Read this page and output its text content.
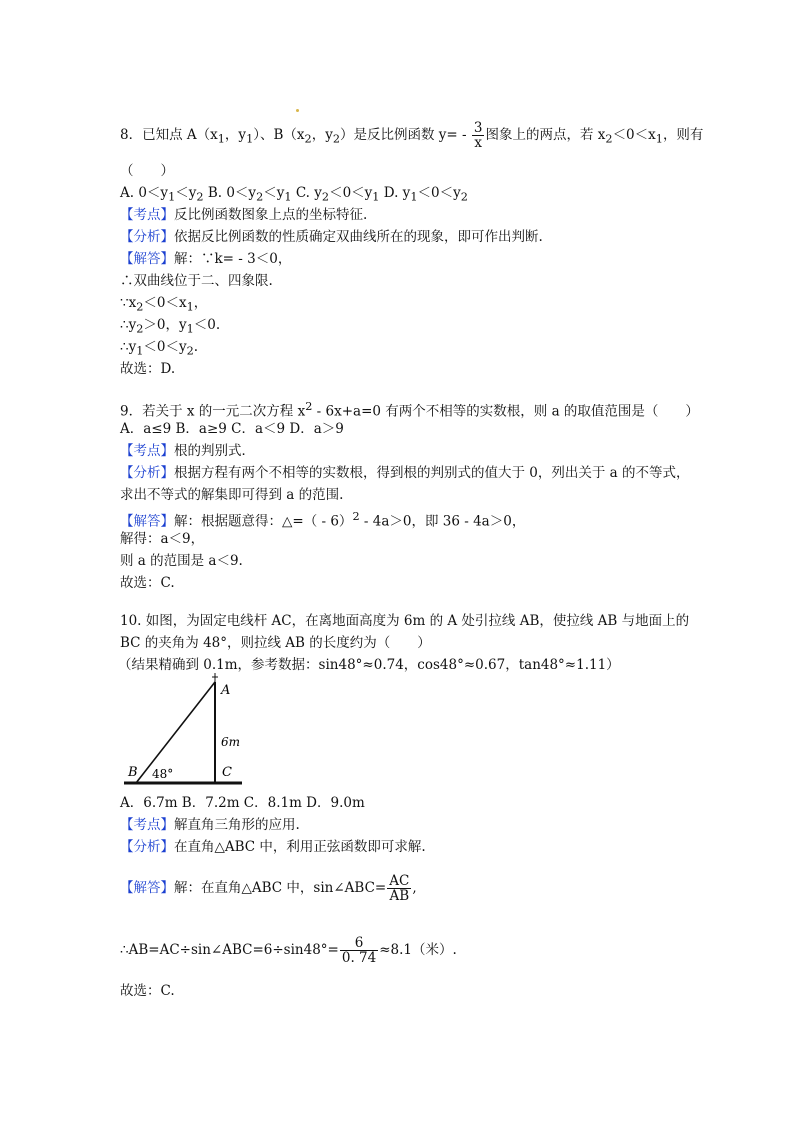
8．已知点 $A(x_1$，$y_1$）、$B(x_2$，$y_2$）是反比例函数 $y= - \frac{3}{x}$ 图象上的两点，若 $x_2<0<x_1$，则有
（　　）
A. $0<y_1<y_2$ B. $0<y_2<y_1$ C. $y_2<0<y_1$ D. $y_1<0<y_2$
【考点】反比例函数图象上点的坐标特征.
【分析】依据反比例函数的性质确定双曲线所在的现象，即可作出判断.
【解答】解：∵k= - 3＜0，
∴双曲线位于二、四象限.
$\because x_2<0<x_1$，
$\therefore y_2>0$，$y_1<0$.
$\therefore y_1<0<y_2$.
故选：D.
9．若关于 x 的一元二次方程 $x^2 - 6x+a=0$ 有两个不相等的实数根，则 a 的取值范围是（　　）
A．a≤9 B．a≥9 C．a＜9 D．a＞9
【考点】根的判别式．
【分析】根据方程有两个不相等的实数根，得到根的判别式的值大于 0，列出关于 a 的不等式，
求出不等式的解集即可得到 a 的范围.
【解答】解：根据题意得：△=（ - 6）$^2$ - 4a＞0，即 36 - 4a＞0，
解得：a＜9，
则 a 的范围是 a＜9.
故选：C.
10. 如图，为固定电线杆 AC，在离地面高度为 6m 的 A 处引拉线 AB，使拉线 AB 与地面上的
BC 的夹角为 48°，则拉线 AB 的长度约为（　　）
（结果精确到 0.1m，参考数据：sin48°≈0.74，cos48°≈0.67，tan48°≈1.11）
A
6m
B 48°	C
A．6.7m B．7.2m C．8.1m D．9.0m
【考点】解直角三角形的应用.
【分析】在直角△ABC 中，利用正弦函数即可求解.
【解答】解：在直角△ABC 中，sin∠ABC= $\frac{AC}{AB}$ ,
∴AB=AC÷sin∠ABC=6÷sin48°= $\frac{6}{0. 74} \approx 8.1$（米）.
故选：C.
